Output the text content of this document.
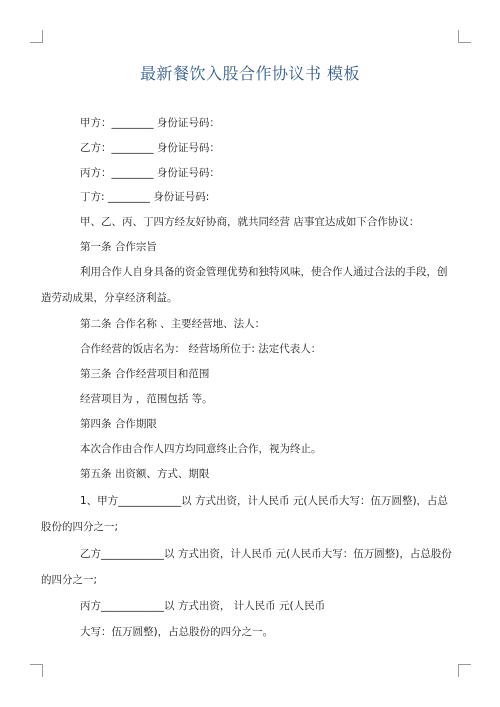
最新餐饮入股合作协议书 模板
甲方：________ 身份证号码：
乙方：________ 身份证号码：
丙方：________ 身份证号码：
丁方: ________ 身份证号码:
甲、乙、丙、丁四方经友好协商，就共同经营 店事宜达成如下合作协议：
第一条 合作宗旨
利用合作人自身具备的资金管理优势和独特风味，使合作人通过合法的手段，创
造劳动成果，分享经济利益。
第二条 合作名称 、主要经营地、法人：
合作经营的饭店名为： 经营场所位于: 法定代表人：
第三条 合作经营项目和范围
经营项目为 ，范围包括 等。
第四条 合作期限
本次合作由合作人四方均同意终止合作，视为终止。
第五条 出资额、方式、期限
1、甲方____________以 方式出资，计人民币 元(人民币大写：伍万圆整)，占总
股份的四分之一;
乙方____________以 方式出资，计人民币 元(人民币大写：伍万圆整)，占总股份
的四分之一;
丙方____________以 方式出资， 计人民币 元(人民币
大写：伍万圆整)，占总股份的四分之一。
